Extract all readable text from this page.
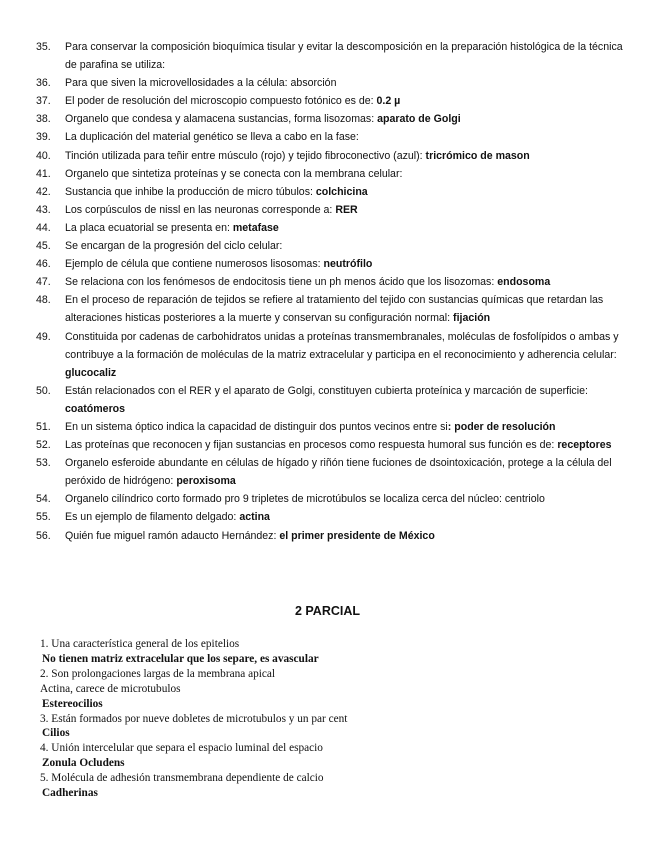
35.	Para conservar la composición bioquímica tisular y evitar la descomposición en la preparación histológica de la técnica de parafina se utiliza:
36.	Para que siven la microvellosidades a la célula: absorción
37.	El poder de resolución del microscopio compuesto fotónico es de: 0.2 µ
38.	Organelo que condesa y alamacena sustancias, forma lisozomas: aparato de Golgi
39.	La duplicación del material genético se lleva a cabo en la fase:
40.	Tinción utilizada para teñir entre músculo (rojo) y tejido fibroconectivo (azul): tricrómico de mason
41.	Organelo que sintetiza proteínas y se conecta con la membrana celular:
42.	Sustancia que inhibe la producción de micro túbulos: colchicina
43.	Los corpúsculos de nissl en las neuronas corresponde a: RER
44.	La placa ecuatorial se presenta en: metafase
45.	Se encargan de la progresión del ciclo celular:
46.	Ejemplo de célula que contiene numerosos lisosomas: neutrófilo
47.	Se relaciona con los fenómesos de endocitosis tiene un ph menos ácido que los lisozomas: endosoma
48.	En el proceso de reparación de tejidos se refiere al tratamiento del tejido con sustancias químicas que retardan las alteraciones histicas posteriores a la muerte y conservan su configuración normal: fijación
49.	Constituida por cadenas de carbohidratos unidas a proteínas transmembranales, moléculas de fosfolípidos o ambas y contribuye a la formación de moléculas de la matriz extracelular y participa en el reconocimiento y adherencia celular: glucocaliz
50.	Están relacionados con el RER y el aparato de Golgi, constituyen cubierta proteínica y marcación de superficie: coatómeros
51.	En un sistema óptico indica la capacidad de distinguir dos puntos vecinos entre si: poder de resolución
52.	Las proteínas que reconocen y fijan sustancias en procesos como respuesta humoral sus función es de: receptores
53.	Organelo esferoide abundante en células de hígado y riñón tiene fuciones de dsointoxicación, protege a la célula del peróxido de hidrógeno: peroxisoma
54.	Organelo cilíndrico corto formado pro 9 tripletes de microtúbulos se localiza cerca del núcleo: centriolo
55.	Es un ejemplo de filamento delgado: actina
56.	Quién fue miguel ramón adaucto Hernández: el primer presidente de México
2 PARCIAL
1. Una característica general de los epitelios
No tienen matriz extracelular que los separe, es avascular
2. Son prolongaciones largas de la membrana apical
Actina, carece de microtubulos
Estereocilios
3. Están formados por nueve dobletes de microtubulos y un par cent
Cilios
4. Unión intercelular que separa el espacio luminal del espacio
Zonula Ocludens
5. Molécula de adhesión transmembrana dependiente de calcio
Cadherinas
